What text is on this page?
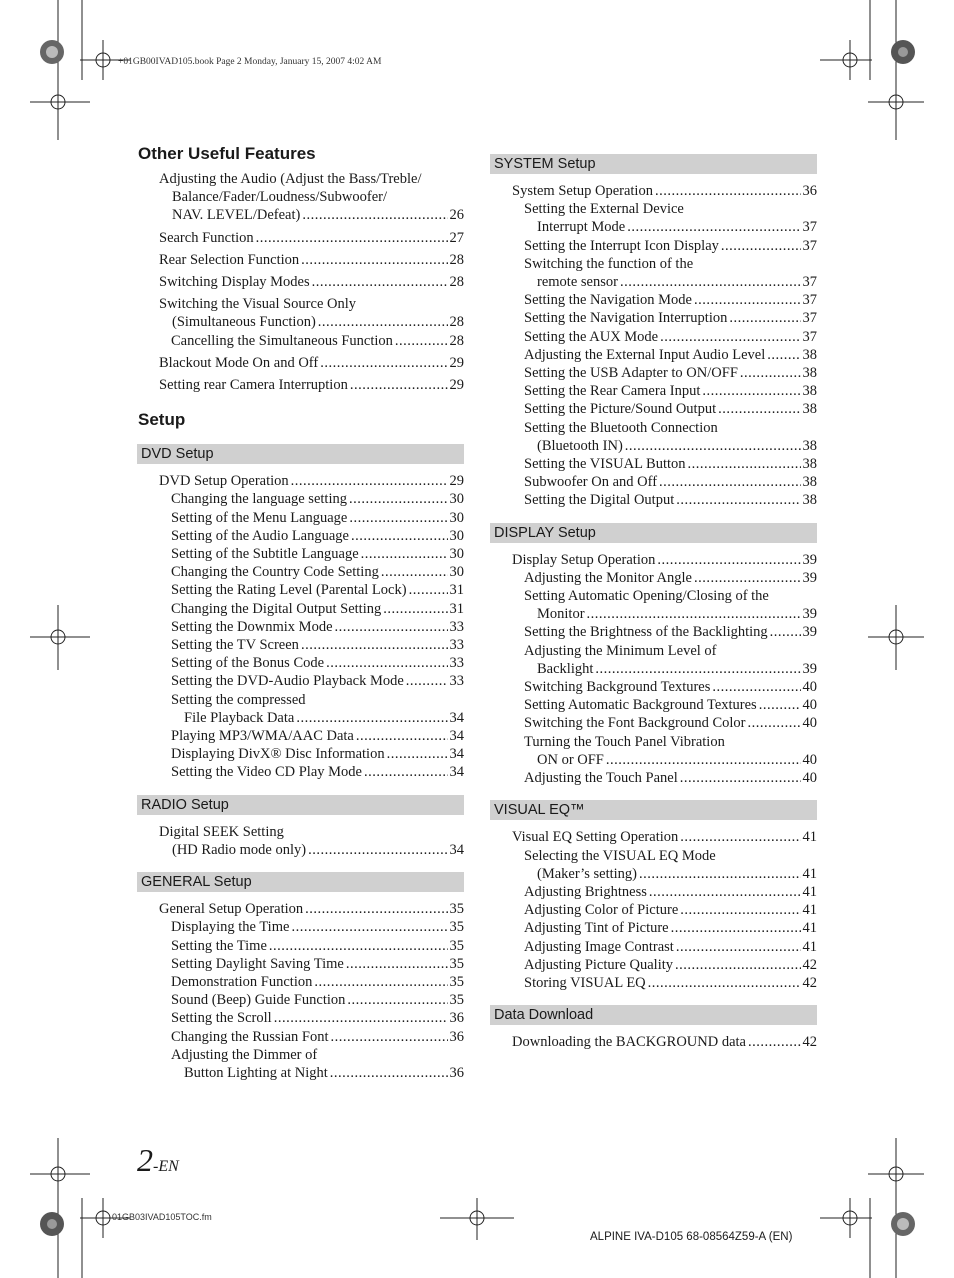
+01GB00IVAD105.book Page 2 Monday, January 15, 2007 4:02 AM
Other Useful Features
Adjusting the Audio (Adjust the Bass/Treble/
Balance/Fader/Loudness/Subwoofer/
NAV. LEVEL/Defeat) .....	26
Search Function .....	27
Rear Selection Function .....	28
Switching Display Modes .....	28
Switching the Visual Source Only
(Simultaneous Function) .....	28
Cancelling the Simultaneous Function .....	28
Blackout Mode On and Off .....	29
Setting rear Camera Interruption .....	29
Setup
DVD Setup
DVD Setup Operation .....	29
Changing the language setting .....	30
Setting of the Menu Language .....	30
Setting of the Audio Language .....	30
Setting of the Subtitle Language .....	30
Changing the Country Code Setting .....	30
Setting the Rating Level (Parental Lock) .....	31
Changing the Digital Output Setting .....	31
Setting the Downmix Mode .....	33
Setting the TV Screen .....	33
Setting of the Bonus Code .....	33
Setting the DVD-Audio Playback Mode .....	33
Setting the compressed
File Playback Data .....	34
Playing MP3/WMA/AAC Data .....	34
Displaying DivX® Disc Information .....	34
Setting the Video CD Play Mode .....	34
RADIO Setup
Digital SEEK Setting
(HD Radio mode only) .....	34
GENERAL Setup
General Setup Operation .....	35
Displaying the Time .....	35
Setting the Time .....	35
Setting Daylight Saving Time .....	35
Demonstration Function .....	35
Sound (Beep) Guide Function .....	35
Setting the Scroll .....	36
Changing the Russian Font .....	36
Adjusting the Dimmer of
Button Lighting at Night .....	36
SYSTEM Setup
System Setup Operation .....	36
Setting the External Device
Interrupt Mode .....	37
Setting the Interrupt Icon Display .....	37
Switching the function of the
remote sensor .....	37
Setting the Navigation Mode .....	37
Setting the Navigation Interruption .....	37
Setting the AUX Mode .....	37
Adjusting the External Input Audio Level .....	38
Setting the USB Adapter to ON/OFF .....	38
Setting the Rear Camera Input .....	38
Setting the Picture/Sound Output .....	38
Setting the Bluetooth Connection
(Bluetooth IN) .....	38
Setting the VISUAL Button .....	38
Subwoofer On and Off .....	38
Setting the Digital Output .....	38
DISPLAY Setup
Display Setup Operation .....	39
Adjusting the Monitor Angle .....	39
Setting Automatic Opening/Closing of the
Monitor .....	39
Setting the Brightness of the Backlighting ..... 39
Adjusting the Minimum Level of
Backlight .....	39
Switching Background Textures .....	40
Setting Automatic Background Textures .....	40
Switching the Font Background Color .....	40
Turning the Touch Panel Vibration
ON or OFF .....	40
Adjusting the Touch Panel .....	40
VISUAL EQ™
Visual EQ Setting Operation .....	41
Selecting the VISUAL EQ Mode
(Maker’s setting) .....	41
Adjusting Brightness .....	41
Adjusting Color of Picture .....	41
Adjusting Tint of Picture .....	41
Adjusting Image Contrast .....	41
Adjusting Picture Quality .....	42
Storing VISUAL EQ .....	42
Data Download
Downloading the BACKGROUND data .....	42
2-EN
01GB03IVAD105TOC.fm
ALPINE IVA-D105 68-08564Z59-A (EN)
